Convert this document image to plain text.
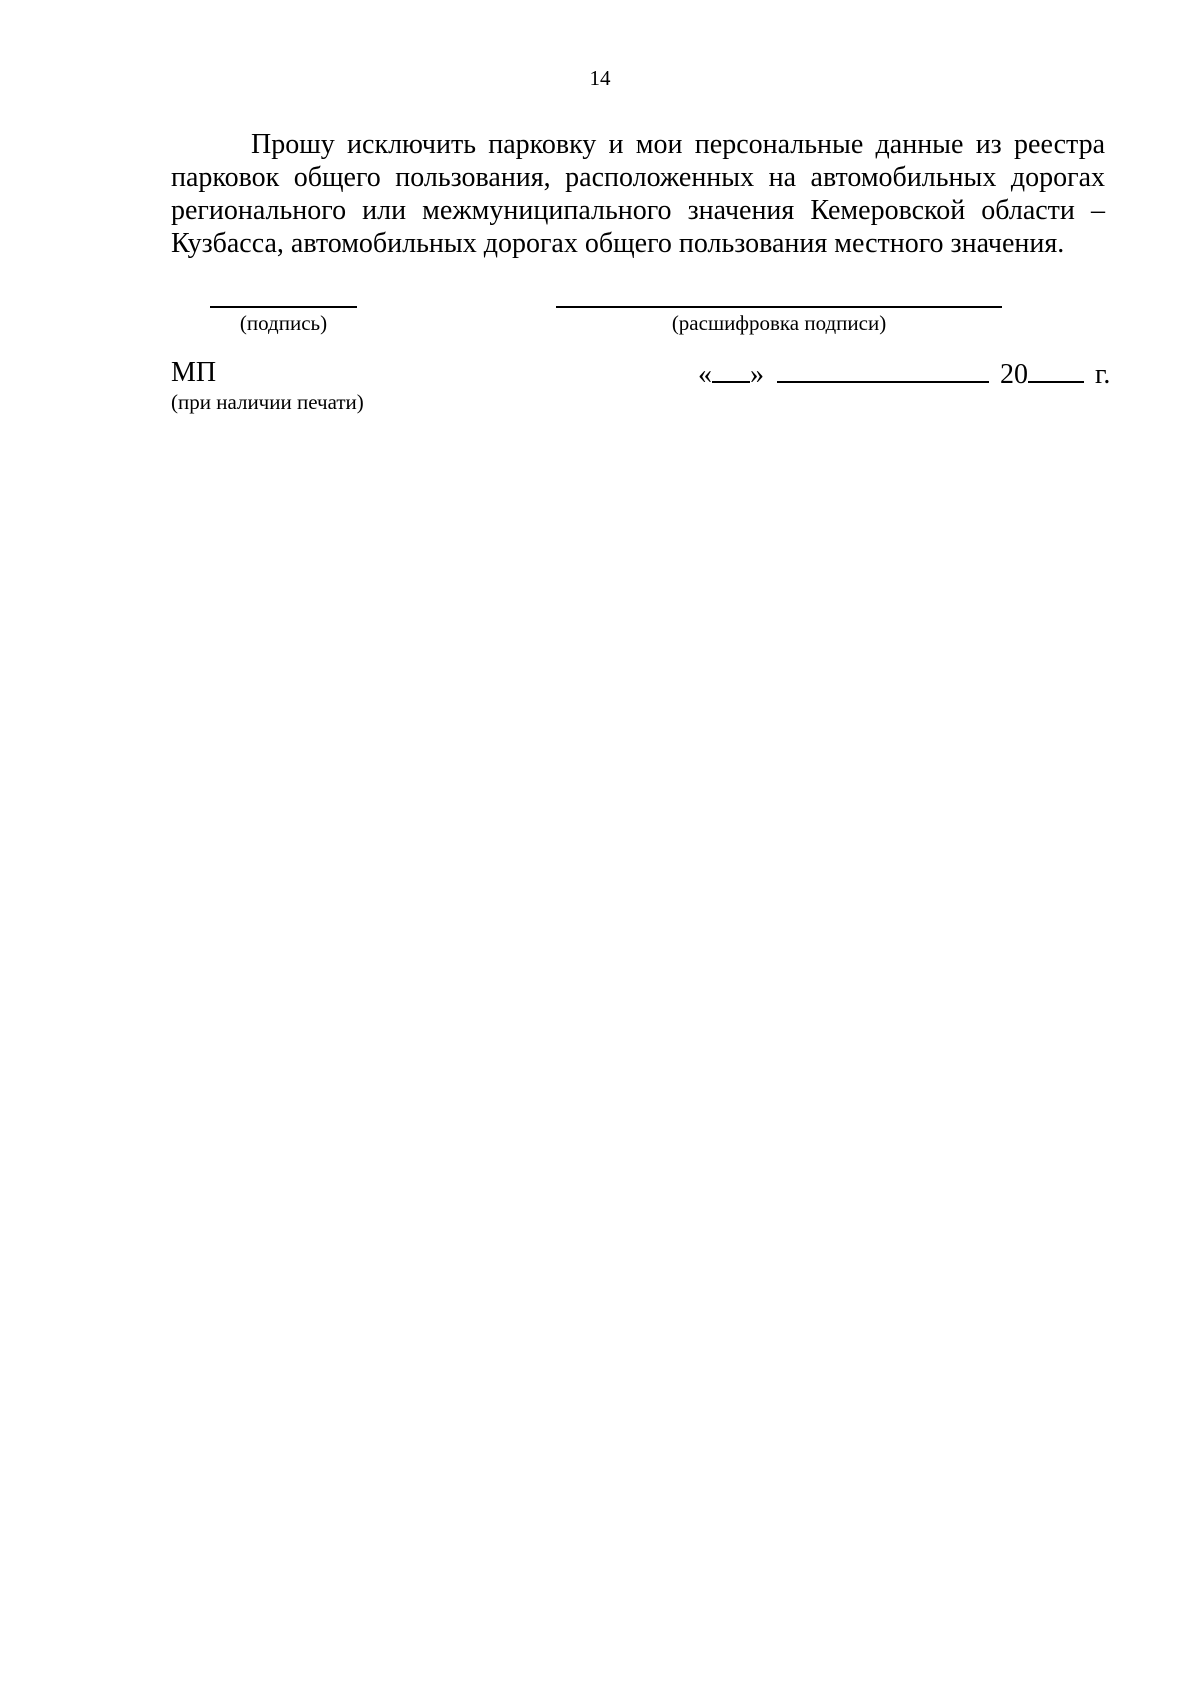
14

Прошу исключить парковку и мои персональные данные из реестра парковок общего пользования, расположенных на автомобильных дорогах регионального или межмуниципального значения Кемеровской области – Кузбасса, автомобильных дорогах общего пользования местного значения.

(подпись)	(расшифровка подписи)
МП
(при наличии печати)
« »	20 г.
